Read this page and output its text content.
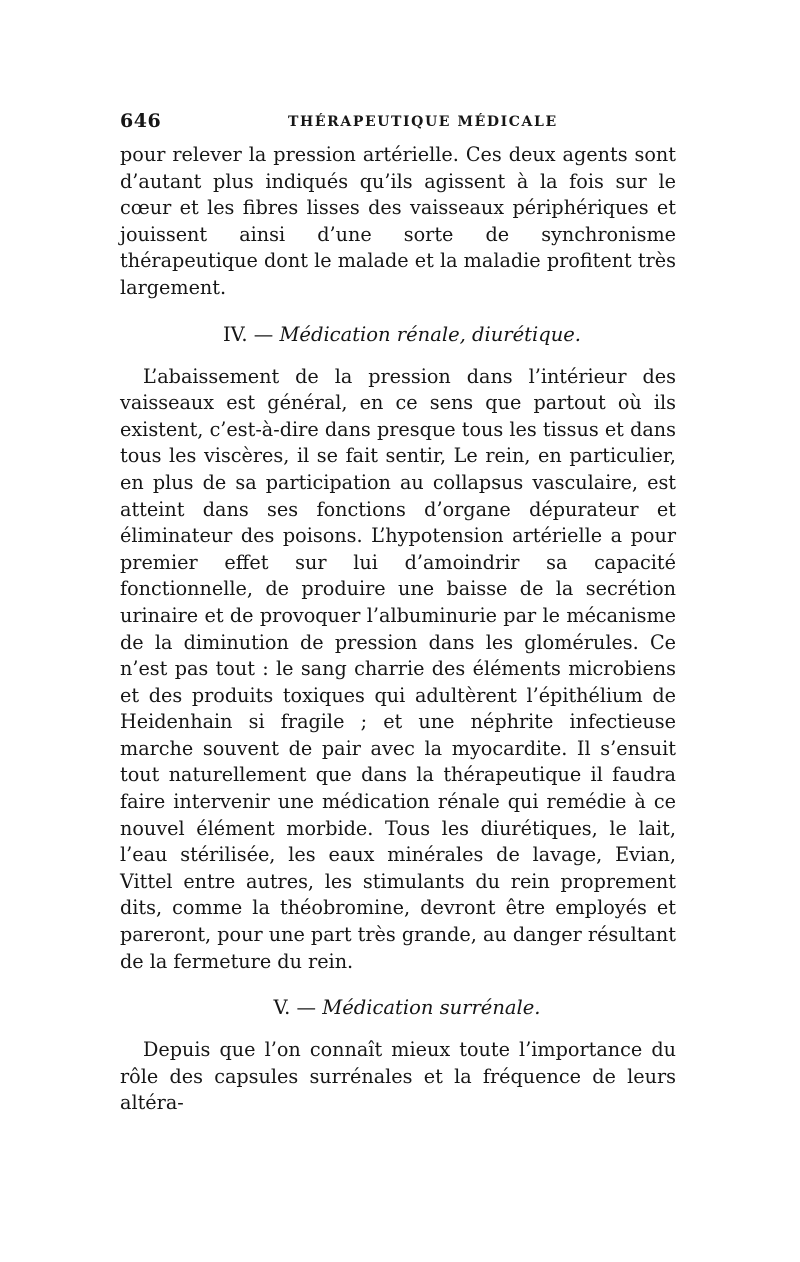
646	THÉRAPEUTIQUE MÉDICALE

pour relever la pression artérielle. Ces deux agents sont d’autant plus indiqués qu’ils agissent à la fois sur le cœur et les fibres lisses des vaisseaux périphériques et jouissent ainsi d’une sorte de synchronisme thérapeutique dont le malade et la maladie profitent très largement.

IV. — Médication rénale, diurétique.

L’abaissement de la pression dans l’intérieur des vaisseaux est général, en ce sens que partout où ils existent, c’est-à-dire dans presque tous les tissus et dans tous les viscères, il se fait sentir, Le rein, en particulier, en plus de sa participation au collapsus vasculaire, est atteint dans ses fonctions d’organe dépurateur et éliminateur des poisons. L’hypotension artérielle a pour premier effet sur lui d’amoindrir sa capacité fonctionnelle, de produire une baisse de la secrétion urinaire et de provoquer l’albuminurie par le mécanisme de la diminution de pression dans les glomérules. Ce n’est pas tout : le sang charrie des éléments microbiens et des produits toxiques qui adultèrent l’épithélium de Heidenhain si fragile ; et une néphrite infectieuse marche souvent de pair avec la myocardite. Il s’ensuit tout naturellement que dans la thérapeutique il faudra faire intervenir une médication rénale qui remédie à ce nouvel élément morbide. Tous les diurétiques, le lait, l’eau stérilisée, les eaux minérales de lavage, Evian, Vittel entre autres, les stimulants du rein proprement dits, comme la théobromine, devront être employés et pareront, pour une part très grande, au danger résultant de la fermeture du rein.

V. — Médication surrénale.

Depuis que l’on connaît mieux toute l’importance du rôle des capsules surrénales et la fréquence de leurs altéra-
